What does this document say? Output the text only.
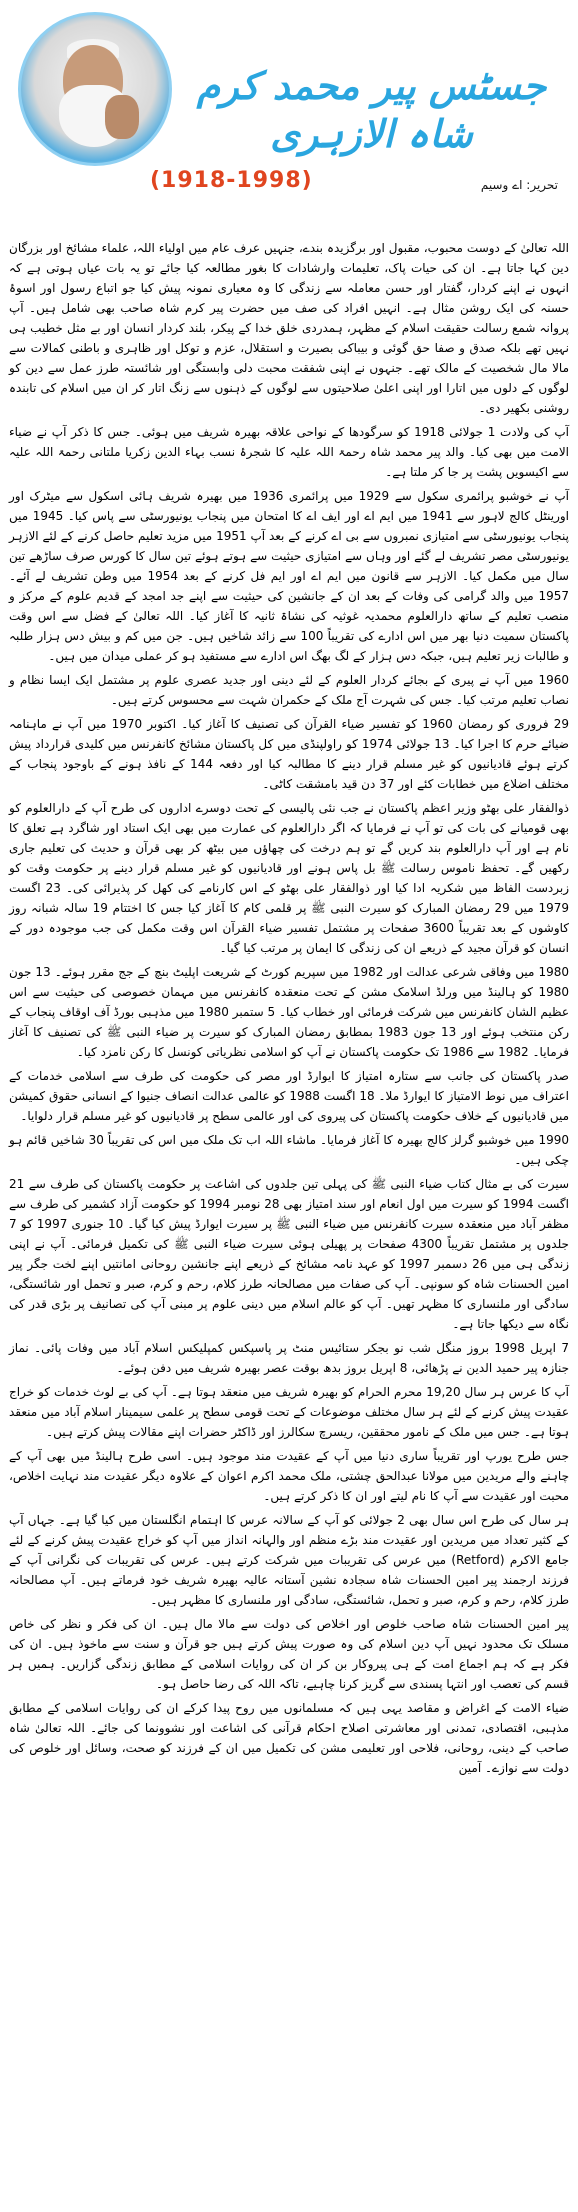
جسٹس پیر محمد کرم شاہ الازہری
تحریر: اے وسیم
(1918-1998)

اللہ تعالیٰ کے دوست محبوب، مقبول اور برگزیدہ بندے، جنہیں عرف عام میں اولیاء اللہ، علماء مشائخ اور بزرگان دین کہا جاتا ہے۔ ان کی حیات پاک، تعلیمات وارشادات کا بغور مطالعہ کیا جائے تو یہ بات عیاں ہوتی ہے کہ انہوں نے اپنے کردار، گفتار اور حسن معاملہ سے زندگی کا وہ معیاری نمونہ پیش کیا جو اتباع رسول اور اسوۂ حسنہ کی ایک روشن مثال ہے۔ انہیں افراد کی صف میں حضرت پیر کرم شاہ صاحب بھی شامل ہیں۔ آپ پروانہ شمع رسالت حقیقت اسلام کے مظہر، ہمدردی خلق خدا کے پیکر، بلند کردار انسان اور بے مثل خطیب ہی نہیں تھے بلکہ صدق و صفا حق گوئی و بیباکی بصیرت و استقلال، عزم و توکل اور ظاہری و باطنی کمالات سے مالا مال شخصیت کے مالک تھے۔ جنہوں نے اپنی شفقت محبت دلی وابستگی اور شائستہ طرز عمل سے دین کو لوگوں کے دلوں میں اتارا اور اپنی اعلیٰ صلاحیتوں سے لوگوں کے ذہنوں سے زنگ اتار کر ان میں اسلام کی تابندہ روشنی بکھیر دی۔

آپ کی ولادت 1 جولائی 1918 کو سرگودھا کے نواحی علاقہ بھیرہ شریف میں ہوئی۔ جس کا ذکر آپ نے ضیاء الامت میں بھی کیا۔ والد پیر محمد شاہ رحمۃ اللہ علیہ کا شجرۂ نسب بہاء الدین زکریا ملتانی رحمۃ اللہ علیہ سے اکیسویں پشت پر جا کر ملتا ہے۔

آپ نے خوشبو پرائمری سکول سے 1929 میں پرائمری 1936 میں بھیرہ شریف ہائی اسکول سے میٹرک اور اورینٹل کالج لاہور سے 1941 میں ایم اے اور ایف اے کا امتحان میں پنجاب یونیورسٹی سے پاس کیا۔ 1945 میں پنجاب یونیورسٹی سے امتیازی نمبروں سے بی اے کرنے کے بعد آپ 1951 میں مزید تعلیم حاصل کرنے کے لئے الازہر یونیورسٹی مصر تشریف لے گئے اور وہاں سے امتیازی حیثیت سے ہوتے ہوئے تین سال کا کورس صرف ساڑھے تین سال میں مکمل کیا۔ الازہر سے قانون میں ایم اے اور ایم فل کرنے کے بعد 1954 میں وطن تشریف لے آئے۔ 1957 میں والد گرامی کی وفات کے بعد ان کے جانشین کی حیثیت سے اپنے جد امجد کے قدیم علوم کے مرکز و منصب تعلیم کے ساتھ دارالعلوم محمدیہ غوثیہ کی نشاۃ ثانیہ کا آغاز کیا۔ اللہ تعالیٰ کے فضل سے اس وقت پاکستان سمیت دنیا بھر میں اس ادارے کی تقریباً 100 سے زائد شاخیں ہیں۔ جن میں کم و بیش دس ہزار طلبہ و طالبات زیر تعلیم ہیں، جبکہ دس ہزار کے لگ بھگ اس ادارے سے مستفید ہو کر عملی میدان میں ہیں۔

1960 میں آپ نے پیری کے بجائے کردار العلوم کے لئے دینی اور جدید عصری علوم پر مشتمل ایک ایسا نظام و نصاب تعلیم مرتب کیا۔ جس کی شہرت آج ملک کے حکمران شہت سے محسوس کرتے ہیں۔

29 فروری کو رمضان 1960 کو تفسیر ضیاء القرآن کی تصنیف کا آغاز کیا۔ اکتوبر 1970 میں آپ نے ماہنامہ ضیائے حرم کا اجرا کیا۔ 13 جولائی 1974 کو راولپنڈی میں کل پاکستان مشائخ کانفرنس میں کلیدی قرارداد پیش کرتے ہوئے قادیانیوں کو غیر مسلم قرار دینے کا مطالبہ کیا اور دفعہ 144 کے نافذ ہونے کے باوجود پنجاب کے مختلف اضلاع میں خطابات کئے اور 37 دن قید بامشقت کاٹی۔

ذوالفقار علی بھٹو وزیر اعظم پاکستان نے جب نئی پالیسی کے تحت دوسرے اداروں کی طرح آپ کے دارالعلوم کو بھی قومیانے کی بات کی تو آپ نے فرمایا کہ اگر دارالعلوم کی عمارت میں بھی ایک استاد اور شاگرد ہے تعلق کا نام ہے اور آپ دارالعلوم بند کریں گے تو ہم درخت کی چھاؤں میں بیٹھ کر بھی قرآن و حدیث کی تعلیم جاری رکھیں گے۔ تحفظ ناموس رسالت ﷺ بل پاس ہونے اور قادیانیوں کو غیر مسلم قرار دینے پر حکومت وقت کو زبردست الفاظ میں شکریہ ادا کیا اور ذوالفقار علی بھٹو کے اس کارنامے کی کھل کر پذیرائی کی۔ 23 اگست 1979 میں 29 رمضان المبارک کو سیرت النبی ﷺ پر قلمی کام کا آغاز کیا جس کا اختتام 19 سالہ شبانہ روز کاوشوں کے بعد تقریباً 3600 صفحات پر مشتمل تفسیر ضیاء القرآن اس وقت مکمل کی جب موجودہ دور کے انسان کو قرآن مجید کے ذریعے ان کی زندگی کا ایمان پر مرتب کیا گیا۔

1980 میں وفاقی شرعی عدالت اور 1982 میں سپریم کورٹ کے شریعت اپلیٹ بنچ کے جج مقرر ہوئے۔ 13 جون 1980 کو ہالینڈ میں ورلڈ اسلامک مشن کے تحت منعقدہ کانفرنس میں مہمان خصوصی کی حیثیت سے اس عظیم الشان کانفرنس میں شرکت فرمائی اور خطاب کیا۔ 5 ستمبر 1980 میں مذہبی بورڈ آف اوقاف پنجاب کے رکن منتخب ہوئے اور 13 جون 1983 بمطابق رمضان المبارک کو سیرت پر ضیاء النبی ﷺ کی تصنیف کا آغاز فرمایا۔ 1982 سے 1986 تک حکومت پاکستان نے آپ کو اسلامی نظریاتی کونسل کا رکن نامزد کیا۔

صدر پاکستان کی جانب سے ستارہ امتیاز کا ایوارڈ اور مصر کی حکومت کی طرف سے اسلامی خدمات کے اعتراف میں نوط الامتیاز کا ایوارڈ ملا۔ 18 اگست 1988 کو عالمی عدالت انصاف جنیوا کے انسانی حقوق کمیشن میں قادیانیوں کے خلاف حکومت پاکستان کی پیروی کی اور عالمی سطح پر قادیانیوں کو غیر مسلم قرار دلوایا۔

1990 میں خوشبو گرلز کالج بھیرہ کا آغاز فرمایا۔ ماشاء اللہ اب تک ملک میں اس کی تقریباً 30 شاخیں قائم ہو چکی ہیں۔

سیرت کی بے مثال کتاب ضیاء النبی ﷺ کی پہلی تین جلدوں کی اشاعت پر حکومت پاکستان کی طرف سے 21 اگست 1994 کو سیرت میں اول انعام اور سند امتیاز بھی 28 نومبر 1994 کو حکومت آزاد کشمیر کی طرف سے مظفر آباد میں منعقدہ سیرت کانفرنس میں ضیاء النبی ﷺ پر سیرت ایوارڈ پیش کیا گیا۔ 10 جنوری 1997 کو 7 جلدوں پر مشتمل تقریباً 4300 صفحات پر پھیلی ہوئی سیرت ضیاء النبی ﷺ کی تکمیل فرمائی۔ آپ نے اپنی زندگی ہی میں 26 دسمبر 1997 کو عہد نامہ مشائخ کے ذریعے اپنے جانشین روحانی امانتیں اپنے لخت جگر پیر امین الحسنات شاہ کو سونپی۔ آپ کی صفات میں مصالحانہ طرز کلام، رحم و کرم، صبر و تحمل اور شائستگی، سادگی اور ملنساری کا مظہر تھیں۔ آپ کو عالم اسلام میں دینی علوم پر مبنی آپ کی تصانیف پر بڑی قدر کی نگاہ سے دیکھا جاتا ہے۔

7 اپریل 1998 بروز منگل شب نو بجکر ستائیس منٹ پر پاسپکس کمپلیکس اسلام آباد میں وفات پائی۔ نماز جنازہ پیر حمید الدین نے پڑھائی، 8 اپریل بروز بدھ بوقت عصر بھیرہ شریف میں دفن ہوئے۔

آپ کا عرس ہر سال 19,20 محرم الحرام کو بھیرہ شریف میں منعقد ہوتا ہے۔ آپ کی بے لوث خدمات کو خراج عقیدت پیش کرنے کے لئے ہر سال مختلف موضوعات کے تحت قومی سطح پر علمی سیمینار اسلام آباد میں منعقد ہوتا ہے۔ جس میں ملک کے نامور محققین، ریسرچ سکالرز اور ڈاکٹر حضرات اپنے مقالات پیش کرتے ہیں۔

جس طرح یورپ اور تقریباً ساری دنیا میں آپ کے عقیدت مند موجود ہیں۔ اسی طرح ہالینڈ میں بھی آپ کے چاہنے والے مریدین میں مولانا عبدالحق چشتی، ملک محمد اکرم اعوان کے علاوہ دیگر عقیدت مند نہایت اخلاص، محبت اور عقیدت سے آپ کا نام لیتے اور ان کا ذکر کرتے ہیں۔

ہر سال کی طرح اس سال بھی 2 جولائی کو آپ کے سالانہ عرس کا اہتمام انگلستان میں کیا گیا ہے۔ جہاں آپ کے کثیر تعداد میں مریدین اور عقیدت مند بڑے منظم اور والہانہ انداز میں آپ کو خراج عقیدت پیش کرنے کے لئے جامع الاکرم (Retford) میں عرس کی تقریبات میں شرکت کرتے ہیں۔ عرس کی تقریبات کی نگرانی آپ کے فرزند ارجمند پیر امین الحسنات شاہ سجادہ نشین آستانہ عالیہ بھیرہ شریف خود فرماتے ہیں۔ آپ مصالحانہ طرز کلام، رحم و کرم، صبر و تحمل، شائستگی، سادگی اور ملنساری کا مظہر ہیں۔

پیر امین الحسنات شاہ صاحب خلوص اور اخلاص کی دولت سے مالا مال ہیں۔ ان کی فکر و نظر کی خاص مسلک تک محدود نہیں آپ دین اسلام کی وہ صورت پیش کرتے ہیں جو قرآن و سنت سے ماخوذ ہیں۔ ان کی فکر ہے کہ ہم اجماع امت کے ہی پیروکار بن کر ان کی روایات اسلامی کے مطابق زندگی گزاریں۔ ہمیں ہر قسم کی تعصب اور انتہا پسندی سے گریز کرنا چاہیے، تاکہ اللہ کی رضا حاصل ہو۔

ضیاء الامت کے اغراض و مقاصد یہی ہیں کہ مسلمانوں میں روح پیدا کرکے ان کی روایات اسلامی کے مطابق مذہبی، اقتصادی، تمدنی اور معاشرتی اصلاح احکام قرآنی کی اشاعت اور نشوونما کی جائے۔ اللہ تعالیٰ شاہ صاحب کے دینی، روحانی، فلاحی اور تعلیمی مشن کی تکمیل میں ان کے فرزند کو صحت، وسائل اور خلوص کی دولت سے نوازے۔ آمین
